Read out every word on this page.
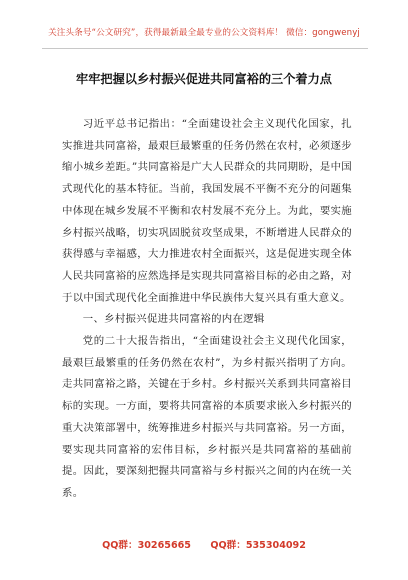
关注头条号“公文研究”，获得最新最全最专业的公文资料库！ 微信：gongwenyj
牢牢把握以乡村振兴促进共同富裕的三个着力点

习近平总书记指出：“全面建设社会主义现代化国家，扎实推进共同富裕，最艰巨最繁重的任务仍然在农村，必须逐步缩小城乡差距。”共同富裕是广大人民群众的共同期盼，是中国式现代化的基本特征。当前，我国发展不平衡不充分的问题集中体现在城乡发展不平衡和农村发展不充分上。为此，要实施乡村振兴战略，切实巩固脱贫攻坚成果，不断增进人民群众的获得感与幸福感，大力推进农村全面振兴，这是促进实现全体人民共同富裕的应然选择是实现共同富裕目标的必由之路，对于以中国式现代化全面推进中华民族伟大复兴具有重大意义。

一、乡村振兴促进共同富裕的内在逻辑

党的二十大报告指出，“全面建设社会主义现代化国家，最艰巨最繁重的任务仍然在农村”，为乡村振兴指明了方向。走共同富裕之路，关键在于乡村。乡村振兴关系到共同富裕目标的实现。一方面，要将共同富裕的本质要求嵌入乡村振兴的重大决策部署中，统筹推进乡村振兴与共同富裕。另一方面，要实现共同富裕的宏伟目标，乡村振兴是共同富裕的基础前提。因此，要深刻把握共同富裕与乡村振兴之间的内在统一关系。

QQ群：30265665 QQ群：535304092
